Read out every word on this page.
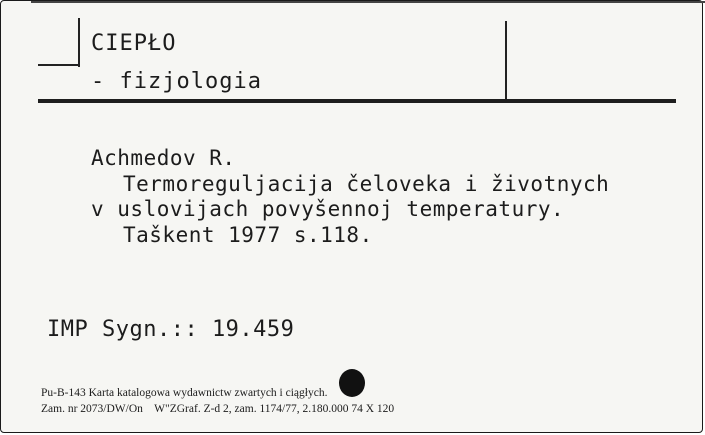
CIEPŁO
- fizjologia
Achmedov R.
Termoreguljacija čeloveka i životnych
v uslovijach povyšennoj temperatury.
Taškent 1977 s.118.
IMP Sygn.:: 19.459
Pu-B-143 Karta katalogowa wydawnictw zwartych i ciągłych.
Zam. nr 2073/DW/On    W"ZGraf. Z-d 2, zam. 1174/77, 2.180.000 74 X 120
